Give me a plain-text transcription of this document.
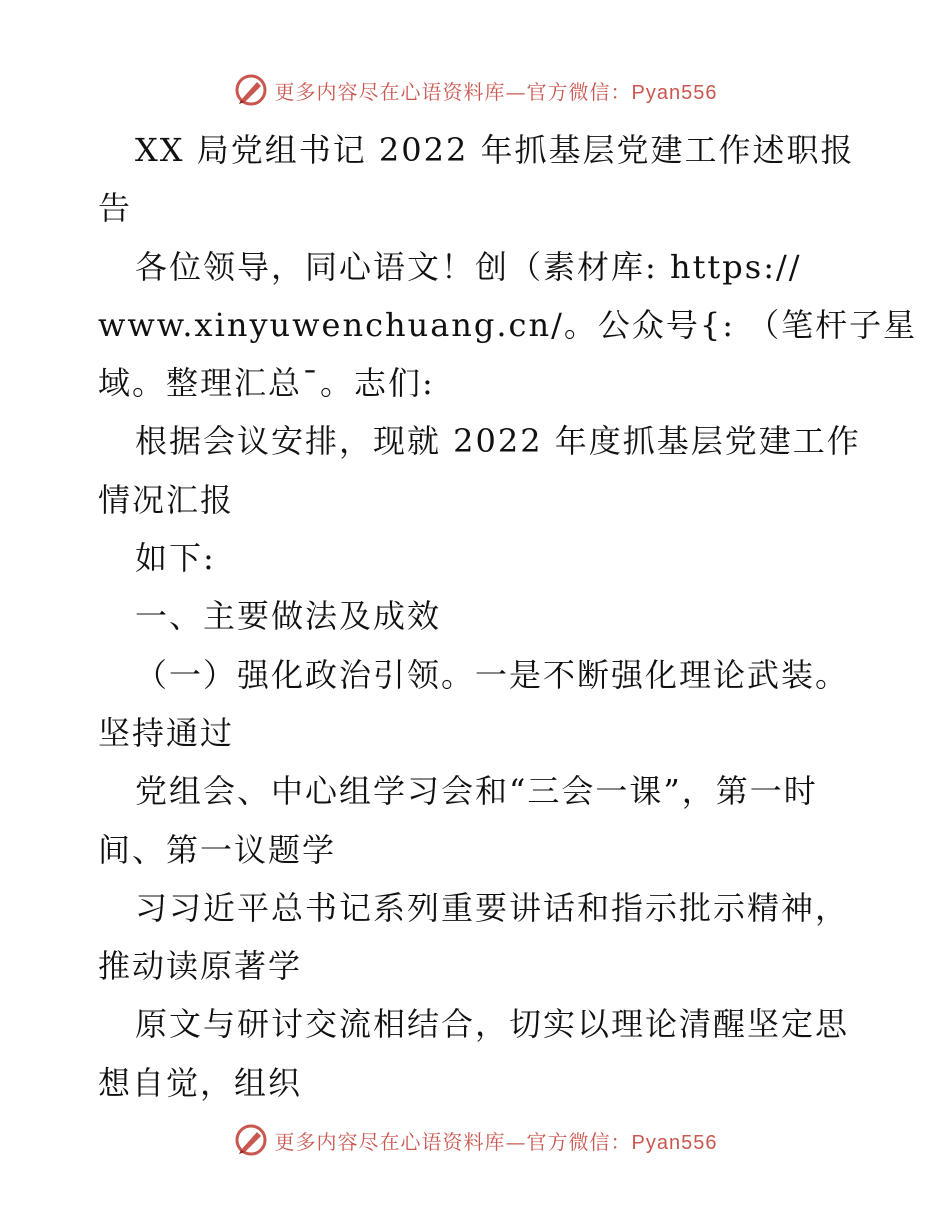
更多内容尽在心语资料库—官方微信：Pyan556
XX 局党组书记 2022 年抓基层党建工作述职报
告
各位领导，同心语文！创（素材库: https://
www.xinyuwenchuang.cn/。公众号{: （笔杆子星
域。整理汇总¯。志们:
根据会议安排，现就 2022 年度抓基层党建工作
情况汇报
如下:
一、主要做法及成效
（一）强化政治引领。一是不断强化理论武装。
坚持通过
党组会、中心组学习会和“三会一课”，第一时
间、第一议题学
习习近平总书记系列重要讲话和指示批示精神，
推动读原著学
原文与研讨交流相结合，切实以理论清醒坚定思
想自觉，组织
更多内容尽在心语资料库—官方微信：Pyan556
